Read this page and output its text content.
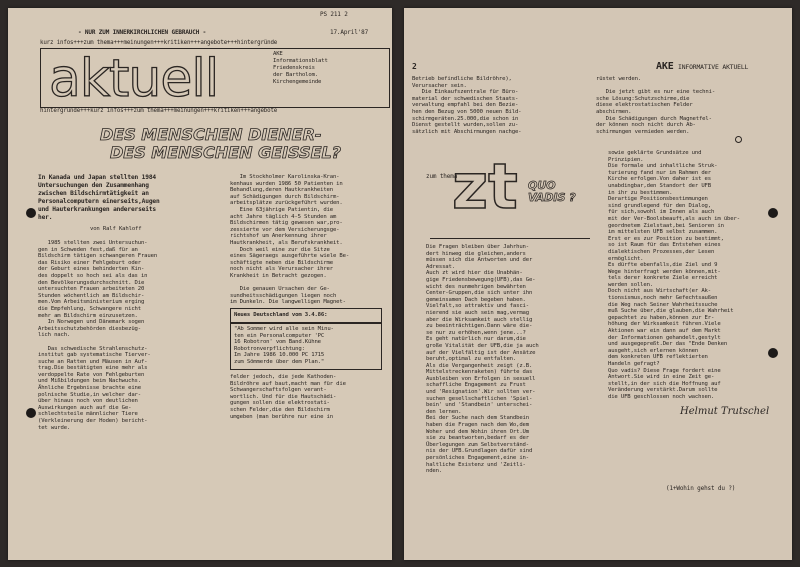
PS 211 2
- NUR ZUM INNERKIRCHLICHEN GEBRAUCH -	17.April'87
kurz infos+++zum thema+++meinungen+++kritiken+++angebote+++hintergründe
aktuell	AKE
Informationsblatt
Friedenskreis
der Bartholom.
Kirchengemeinde
hintergründe+++kurz infos+++zum thema+++meinungen+++kritiken+++angebote
DES MENSCHEN DIENER-
DES MENSCHEN GEISSEL?
In Kanada und Japan stellten 1984
Untersuchungen den Zusammenhang
zwischen Bildschirmtätigkeit an
Personalcomputern einerseits,Augen
und Hauterkrankungen andererseits
her.
von Ralf Kahloff
1985 stellten zwei Untersuchun-
gen in Schweden fest,daß für an
Bildschirm tätigen schwangeren Frauen
das Risiko einer Fehlgeburt oder
der Geburt eines behinderten Kin-
des doppelt so hoch sei als das in
den Bevölkerungsdurchschnitt. Die
untersuchten Frauen arbeiteten 20
Stunden wöchentlich am Bildschir-
men.Vom Arbeitsministerium erging
die Empfehlung, Schwangere nicht
mehr am Bildschirm einzusetzen.
In Norwegen und Dänemark sogen
Arbeitsschutzbehörden diesbezüg-
lich nach.

Das schwedische Strahlenschutz-
institut gab systematische Tierver-
suche an Ratten und Mäusen in Auf-
trag.Die bestätigten eine mehr als
verdoppelte Rate von Fehlgeburten
und Mißbildungen beim Nachwuchs.
Ähnliche Ergebnisse brachte eine
polnische Studie,in welcher dar-
über hinaus noch von deutlichen
Auswirkungen auch auf die Ge-
schlechtsteile männlicher Tiere
(Verkleinerung der Hoden) bericht-
tet wurde.
Im Stockholmer Karolinska-Kran-
kenhaus wurden 1986 50 Patienten in
Behandlung,deren Hautkrankheiten
auf Schädigungen durch Bildschirm-
arbeitsplätze zurückgeführt wurden.
Eine 63jährige Patientin, die
acht Jahre täglich 4-5 Stunden am
Bildschirmen tätig gewesen war,pro-
zessierte vor dem Versicherungsge-
richtshof um Anerkennung ihrer
Hautkrankheit, als Berufskrankheit.
Doch weil eine zur die Sitze
eines Sägeraegs ausgeführte wiele Be-
schäftigte neben die Bildschirme
noch nicht als Verursacher ihrer
Krankheit in Betracht gezogen.

Die genauen Ursachen der Ge-
sundheitsschädigungen liegen noch
im Dunkeln. Die langwelligen Magnet-
Neues Deutschland vom 3.4.86:
"Ab Sommer wird alle sein Minu-
ten ein Personalcomputer 'PC
16 Robotron' vom Band.Kühne
Robotronverpflichtung:
Im Jahre 1986 10.000 PC 1715
zum Sömmerde über dem Plan."
felder jedoch, die jede Kathoden-
Bildröhre auf baut,macht man für die
Schwangerschaftsfolgen verant-
wortlich. Und für die Hautschädi-
gungen sollen die elektrostati-
schen Felder,die den Bildschirm
umgeben (man berühre nur eine in
2	AKE INFORMATIVE AKTUELL
Betrieb befindliche Bildröhre),
Verursacher sein.
Die Einkaufszentrale für Büro-
material der schwedischen Staats-
verwaltung empfahl bei den Bezie-
hen den Bezug von 5000 neuen Bild-
schirmgeräten.25.000,die schon in
Dienst gestellt wurden,sollen zu-
sätzlich mit Abschirmungen nachge-
rüstet werden.

Die jetzt gibt es nur eine techni-
sche Lösung:Schutzschirme,die
diese elektrostatischen Felder
abschirmen.
Die Schädigungen durch Magnetfel-
der können noch nicht durch Ab-
schirmungen vermieden werden.
zum thema
zt QUO
VADIS ?
Die Fragen bleiben über Jahrhun-
dert hinweg die gleichen,anders
müssen sich die Antworten und der
Adressat.
Auch zt wird hier die Unabhän-
gige Friedensbewegung(UFB),das Ge-
wicht des nunmehrigen bewährten
Center-Gruppen,die sich unter ihn
gemeinsamen Dach begeben haben.
Vielfalt,so attraktiv und fasci-
nierend sie auch sein mag,vermag
aber die Wirksamkeit auch stellig
zu beeinträchtigen.Dann wäre die-
se nur zu erhöhen,wenn jene...?
Es geht natürlich nur darum,die
große Vitalität der UFB,die ja auch
auf der Vielfältig ist der Ansätze
beruht,optimal zu entfalten.
Als die Vergangenheit zeigt (z.B.
Mittelstreckenraketen) führte das
Ausbleiben von Erfolgen in sexuell
schaffliche Engagement zu Frust
und 'Resignation'.Wir sollten ver-
suchen gesellschaftlichen 'Spiel-
bein' und 'Standbein' unterschei-
den lernen.
Bei der Suche nach dem Standbein
haben die Fragen nach dem Wo,dem
Woher und dem Wohin ihren Ort.Um
sie zu beantworten,bedarf es der
Überlegungen zum Selbstverständ-
nis der UFB.Grundlagen dafür sind
persönliches Engagement,eine in-
haltliche Existenz und 'Zeitli-
nden.
sowie geklärte Grundsätze und
Prinzipien.
Die formale und inhaltliche Struk-
turierung fand nur im Rahmen der
Kirche erfolgen.Von daher ist es
unabdingbar,den Standort der UFB
in ihr zu bestimmen.
Derartige Positionsbestimmungen
sind grundlegend für den Dialog,
für sich,sowohl im Innen als auch
mit der Ver-Boolsbeauft,als auch im über-
geordnetem Zielstaat,bei Senioren in
im mittelsten UFB selbst zusammen.
Erst er es zur Position zu bestimmt,
so ist Raum für das Entstehen eines
dialektischen Prozesses,der Lesen
ermöglicht.
Es dürfte ebenfalls,die Ziel und 9
Wege hinterfragt werden können,mit-
tels derer konkrete Ziele erreicht
werden sollen.
Doch nicht aus Wirtschaft(er Ak-
tionsismus,noch mehr Gefechtsaußen
die Weg nach Seiner Wahrheitssuche
muß Suche über,die glauben,die Wahrheit
gepachtet zu haben,können zur Er-
höhung der Wirksamkeit führen.Viele
Aktionen war ein dann auf dem Markt
der Informationen gehandelt,gestylt
und ausgegepreßt.Der das "Ende Denken
ausgeht,sich erlernen können
dem konkreten UFB reflektierten
Handeln gefragt?
Quo vadis? Diese Frage fordert eine
Antwort.Sie wird in eine Zeit ge-
stellt,in der sich die Hoffnung auf
Veränderung verstärkt.Darum sollte
die UFB geschlossen noch wachsen.
Helmut Trutschel
(1+Wohin gehst du ?)
